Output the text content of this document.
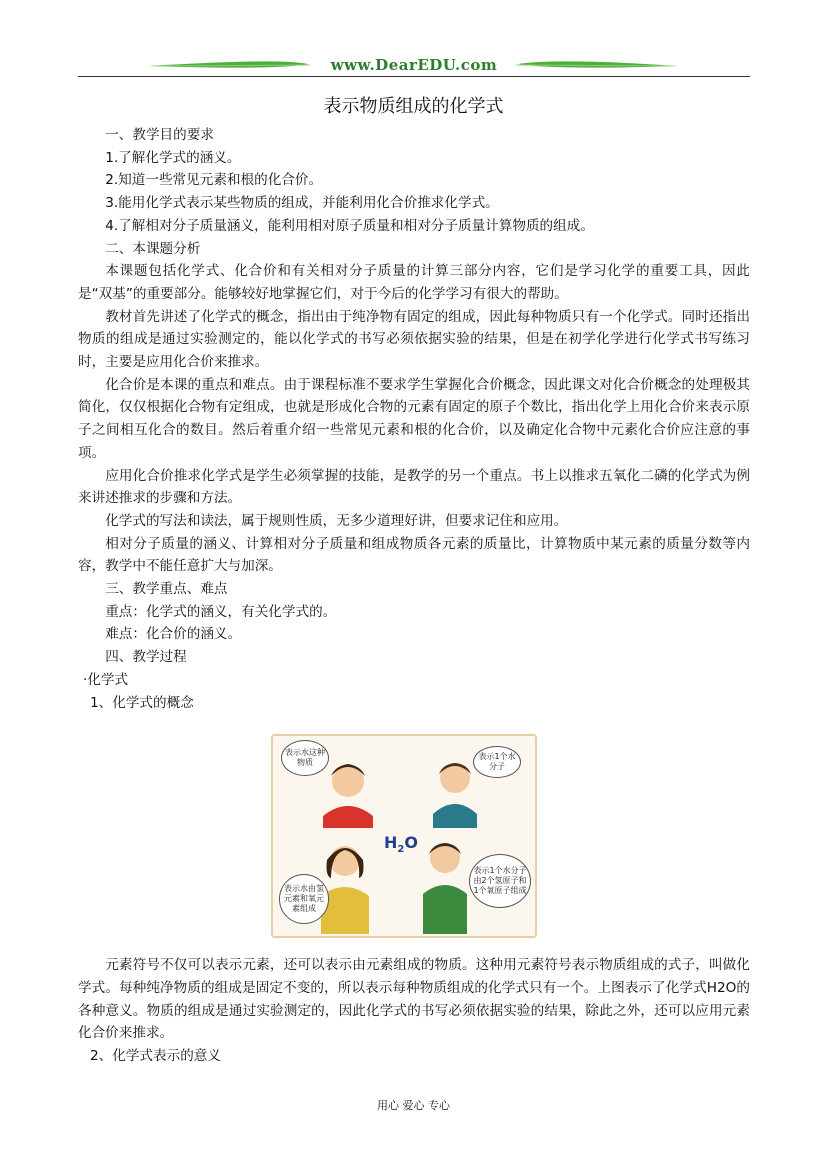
www.DearEDU.com
表示物质组成的化学式

一、教学目的要求

1.了解化学式的涵义。

2.知道一些常见元素和根的化合价。

3.能用化学式表示某些物质的组成，并能利用化合价推求化学式。

4.了解相对分子质量涵义，能利用相对原子质量和相对分子质量计算物质的组成。

二、本课题分析

本课题包括化学式、化合价和有关相对分子质量的计算三部分内容，它们是学习化学的重要工具，因此是“双基”的重要部分。能够较好地掌握它们，对于今后的化学学习有很大的帮助。

教材首先讲述了化学式的概念，指出由于纯净物有固定的组成，因此每种物质只有一个化学式。同时还指出物质的组成是通过实验测定的，能以化学式的书写必须依据实验的结果，但是在初学化学进行化学式书写练习时，主要是应用化合价来推求。

化合价是本课的重点和难点。由于课程标准不要求学生掌握化合价概念，因此课文对化合价概念的处理极其简化，仅仅根据化合物有定组成，也就是形成化合物的元素有固定的原子个数比，指出化学上用化合价来表示原子之间相互化合的数目。然后着重介绍一些常见元素和根的化合价，以及确定化合物中元素化合价应注意的事项。

应用化合价推求化学式是学生必须掌握的技能，是教学的另一个重点。书上以推求五氧化二磷的化学式为例来讲述推求的步骤和方法。

化学式的写法和读法，属于规则性质，无多少道理好讲，但要求记住和应用。

相对分子质量的涵义、计算相对分子质量和组成物质各元素的质量比，计算物质中某元素的质量分数等内容，教学中不能任意扩大与加深。

三、教学重点、难点

重点：化学式的涵义，有关化学式的。

难点：化合价的涵义。

四、教学过程

·化学式

1、化学式的概念

表示水这种物质
表示1个水分子
表示水由氢元素和氧元素组成
表示1个水分子由2个氢原子和1个氧原子组成
$H_2O$

元素符号不仅可以表示元素，还可以表示由元素组成的物质。这种用元素符号表示物质组成的式子，叫做化学式。每种纯净物质的组成是固定不变的，所以表示每种物质组成的化学式只有一个。上图表示了化学式H2O的各种意义。物质的组成是通过实验测定的，因此化学式的书写必须依据实验的结果，除此之外，还可以应用元素化合价来推求。

2、化学式表示的意义

用心 爱心 专心
